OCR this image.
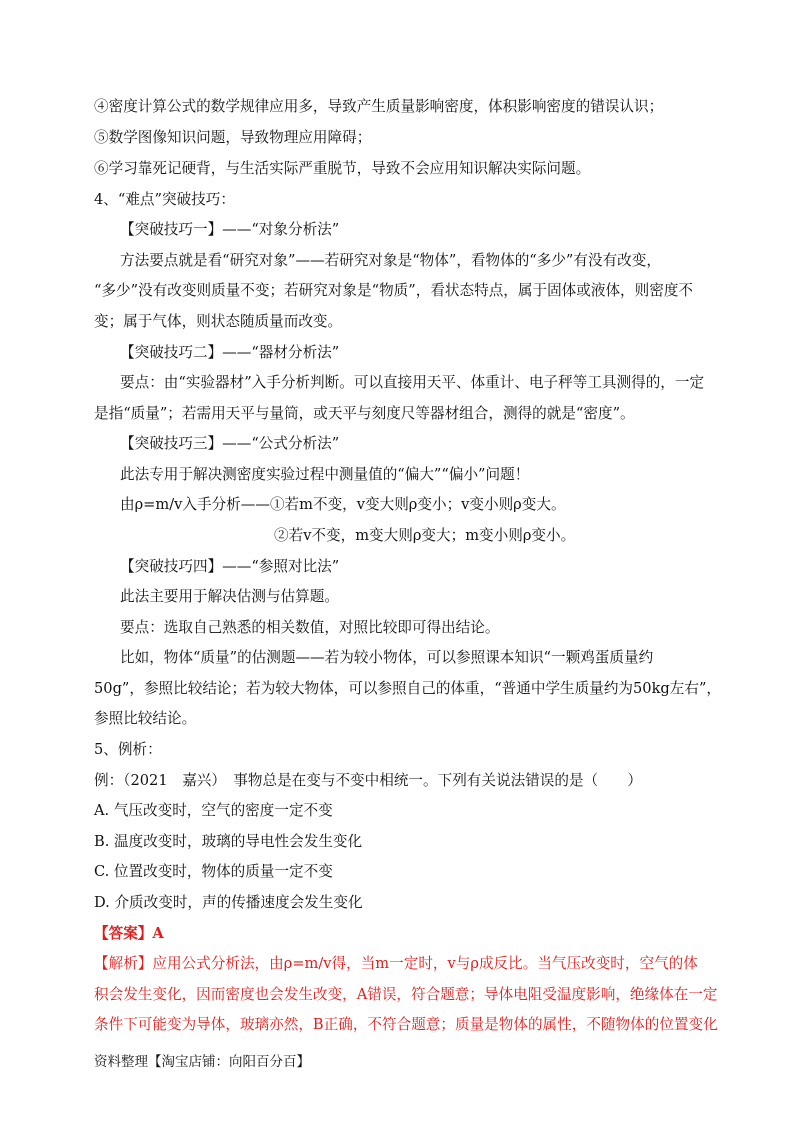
④密度计算公式的数学规律应用多，导致产生质量影响密度，体积影响密度的错误认识；
⑤数学图像知识问题，导致物理应用障碍；
⑥学习靠死记硬背，与生活实际严重脱节，导致不会应用知识解决实际问题。
4、“难点”突破技巧：
【突破技巧一】——“对象分析法”
方法要点就是看“研究对象”——若研究对象是“物体”，看物体的“多少”有没有改变，
“多少”没有改变则质量不变；若研究对象是“物质”，看状态特点，属于固体或液体，则密度不
变；属于气体，则状态随质量而改变。
【突破技巧二】——“器材分析法”
要点：由“实验器材”入手分析判断。可以直接用天平、体重计、电子秤等工具测得的，一定
是指“质量”；若需用天平与量筒，或天平与刻度尺等器材组合，测得的就是“密度”。
【突破技巧三】——“公式分析法”
此法专用于解决测密度实验过程中测量值的“偏大”“偏小”问题！
由ρ=m/v入手分析——①若m不变，v变大则ρ变小；v变小则ρ变大。
②若v不变，m变大则ρ变大；m变小则ρ变小。
【突破技巧四】——“参照对比法”
此法主要用于解决估测与估算题。
要点：选取自己熟悉的相关数值，对照比较即可得出结论。
比如，物体“质量”的估测题——若为较小物体，可以参照课本知识“一颗鸡蛋质量约
50g”，参照比较结论；若为较大物体，可以参照自己的体重，“普通中学生质量约为50kg左右”，
参照比较结论。
5、例析：
例：（2021　嘉兴）　事物总是在变与不变中相统一。下列有关说法错误的是（　　）
A. 气压改变时，空气的密度一定不变
B. 温度改变时，玻璃的导电性会发生变化
C. 位置改变时，物体的质量一定不变
D. 介质改变时，声的传播速度会发生变化
【答案】A
【解析】应用公式分析法，由ρ=m/v得，当m一定时，v与ρ成反比。当气压改变时，空气的体
积会发生变化，因而密度也会发生改变，A错误，符合题意；导体电阻受温度影响，绝缘体在一定
条件下可能变为导体，玻璃亦然，B正确，不符合题意；质量是物体的属性，不随物体的位置变化
资料整理【淘宝店铺：向阳百分百】
